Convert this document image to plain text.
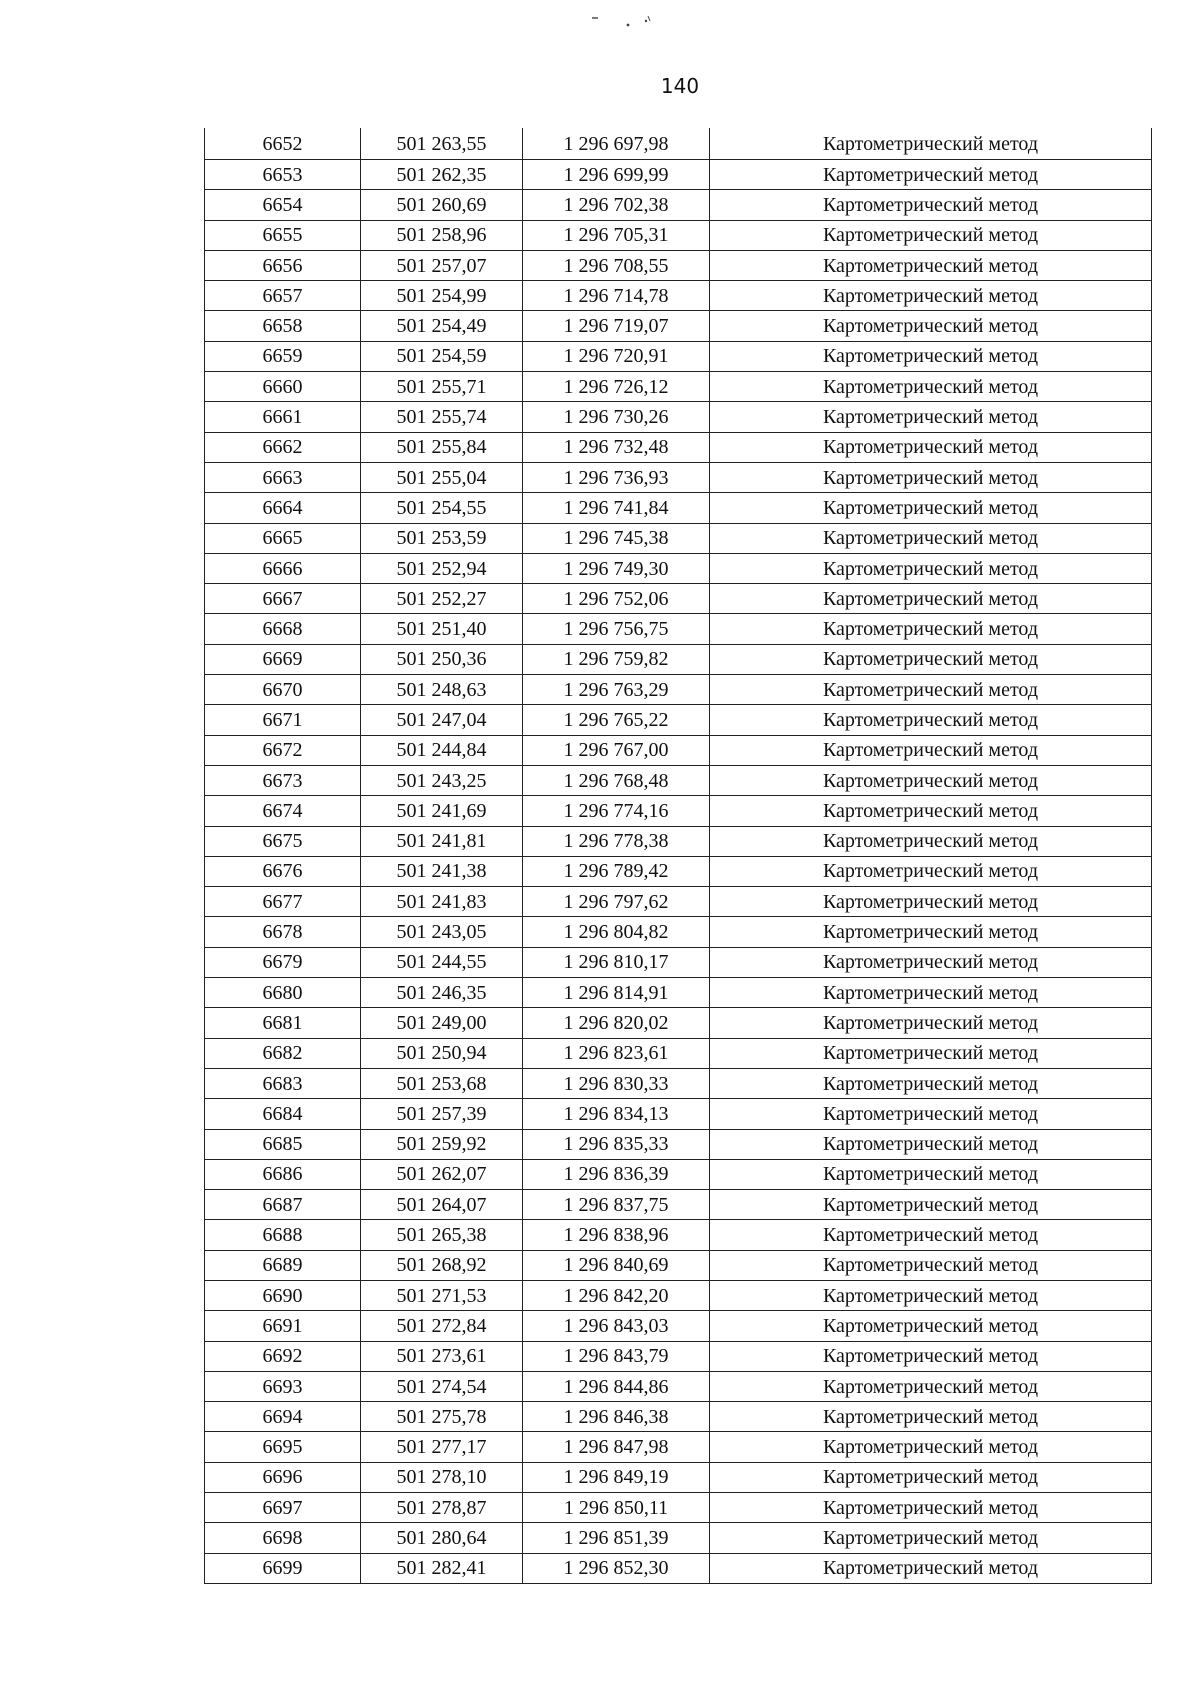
140
6652	501 263,55	1 296 697,98	Картометрический метод
6653	501 262,35	1 296 699,99	Картометрический метод
6654	501 260,69	1 296 702,38	Картометрический метод
6655	501 258,96	1 296 705,31	Картометрический метод
6656	501 257,07	1 296 708,55	Картометрический метод
6657	501 254,99	1 296 714,78	Картометрический метод
6658	501 254,49	1 296 719,07	Картометрический метод
6659	501 254,59	1 296 720,91	Картометрический метод
6660	501 255,71	1 296 726,12	Картометрический метод
6661	501 255,74	1 296 730,26	Картометрический метод
6662	501 255,84	1 296 732,48	Картометрический метод
6663	501 255,04	1 296 736,93	Картометрический метод
6664	501 254,55	1 296 741,84	Картометрический метод
6665	501 253,59	1 296 745,38	Картометрический метод
6666	501 252,94	1 296 749,30	Картометрический метод
6667	501 252,27	1 296 752,06	Картометрический метод
6668	501 251,40	1 296 756,75	Картометрический метод
6669	501 250,36	1 296 759,82	Картометрический метод
6670	501 248,63	1 296 763,29	Картометрический метод
6671	501 247,04	1 296 765,22	Картометрический метод
6672	501 244,84	1 296 767,00	Картометрический метод
6673	501 243,25	1 296 768,48	Картометрический метод
6674	501 241,69	1 296 774,16	Картометрический метод
6675	501 241,81	1 296 778,38	Картометрический метод
6676	501 241,38	1 296 789,42	Картометрический метод
6677	501 241,83	1 296 797,62	Картометрический метод
6678	501 243,05	1 296 804,82	Картометрический метод
6679	501 244,55	1 296 810,17	Картометрический метод
6680	501 246,35	1 296 814,91	Картометрический метод
6681	501 249,00	1 296 820,02	Картометрический метод
6682	501 250,94	1 296 823,61	Картометрический метод
6683	501 253,68	1 296 830,33	Картометрический метод
6684	501 257,39	1 296 834,13	Картометрический метод
6685	501 259,92	1 296 835,33	Картометрический метод
6686	501 262,07	1 296 836,39	Картометрический метод
6687	501 264,07	1 296 837,75	Картометрический метод
6688	501 265,38	1 296 838,96	Картометрический метод
6689	501 268,92	1 296 840,69	Картометрический метод
6690	501 271,53	1 296 842,20	Картометрический метод
6691	501 272,84	1 296 843,03	Картометрический метод
6692	501 273,61	1 296 843,79	Картометрический метод
6693	501 274,54	1 296 844,86	Картометрический метод
6694	501 275,78	1 296 846,38	Картометрический метод
6695	501 277,17	1 296 847,98	Картометрический метод
6696	501 278,10	1 296 849,19	Картометрический метод
6697	501 278,87	1 296 850,11	Картометрический метод
6698	501 280,64	1 296 851,39	Картометрический метод
6699	501 282,41	1 296 852,30	Картометрический метод
